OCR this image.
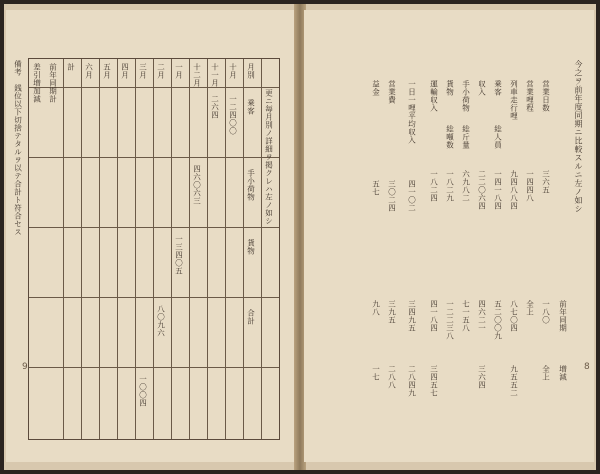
更ニ毎月別ノ詳細ヲ掲クレハ左ノ如シ
月別
乗客
手小荷物
貨物
合計
十月
十一月
十二月
一月
二月
三月
四月
五月
六月
計
一二四〇〇
二六四
四六〇六三
一三四〇五
八〇九六
一〇〇四
前年同期計
差引増加減
備考　銭位以下切捨テタルヲ以テ合計ト符合セス
9
今之ヲ前年度同期ニ比較スルニ左ノ如シ
前年同期
増減
営業日数
三六五
一八〇
全上
営業哩程
一四四八
全上
列車走行哩
九四八八四
八七〇四
九五五二
乗客
総人員
一四一八四
五二〇〇九
収入
二二〇六四
四六二一
三六四
手小荷物
総斤量
六九八二
七一五八
貨物
総噸数
一八二九
一二二三八
運輸収入
一八二四
四一八四
三四五七
一日一哩平均収入
四一〇二
三四九五
二八四九
営業費
三〇二四
三九五
二八八
益金
五七
九八
一七	8
